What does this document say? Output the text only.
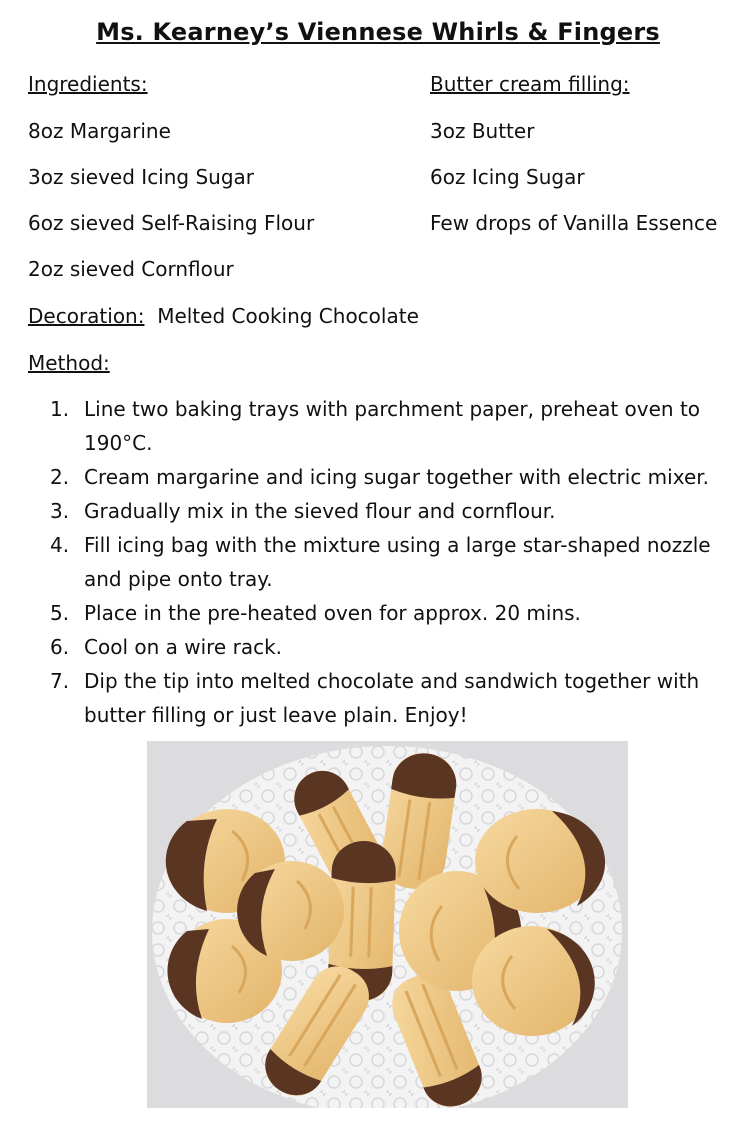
Ms. Kearney’s Viennese Whirls & Fingers
Ingredients:	Butter cream filling:
8oz Margarine
3oz sieved Icing Sugar
6oz sieved Self-Raising Flour
2oz sieved Cornflour
3oz Butter
6oz Icing Sugar
Few drops of Vanilla Essence
Decoration: Melted Cooking Chocolate
Method:
1. Line two baking trays with parchment paper, preheat oven to 190°C.
2. Cream margarine and icing sugar together with electric mixer.
3. Gradually mix in the sieved flour and cornflour.
4. Fill icing bag with the mixture using a large star-shaped nozzle and pipe onto tray.
5. Place in the pre-heated oven for approx. 20 mins.
6. Cool on a wire rack.
7. Dip the tip into melted chocolate and sandwich together with butter filling or just leave plain. Enjoy!
